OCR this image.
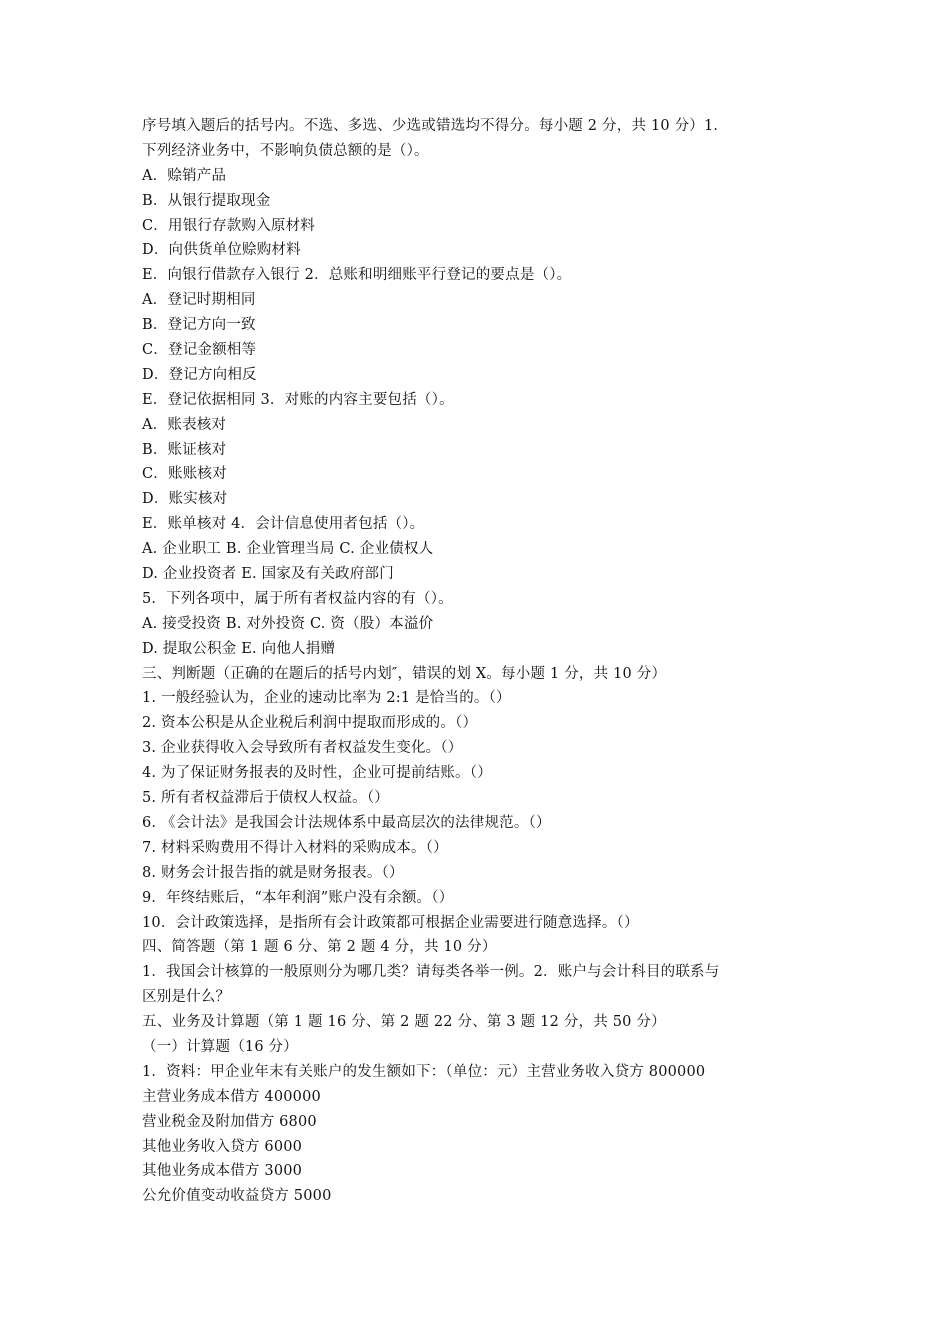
序号填入题后的括号内。不选、多选、少选或错选均不得分。每小题 2 分，共 10 分）1．
下列经济业务中，不影响负债总额的是（）。
A．赊销产品
B．从银行提取现金
C．用银行存款购入原材料
D．向供货单位赊购材料
E．向银行借款存入银行 2．总账和明细账平行登记的要点是（）。
A．登记时期相同
B．登记方向一致
C．登记金额相等
D．登记方向相反
E．登记依据相同 3．对账的内容主要包括（）。
A．账表核对
B．账证核对
C．账账核对
D．账实核对
E．账单核对 4．会计信息使用者包括（）。
A. 企业职工 B. 企业管理当局 C. 企业债权人
D. 企业投资者 E. 国家及有关政府部门
5．下列各项中，属于所有者权益内容的有（）。
A. 接受投资 B. 对外投资 C. 资（股）本溢价
D. 提取公积金 E. 向他人捐赠
三、判断题（正确的在题后的括号内划″，错误的划 X。每小题 1 分，共 10 分）
1. 一般经验认为，企业的速动比率为 2:1 是恰当的。（）
2. 资本公积是从企业税后利润中提取而形成的。（）
3. 企业获得收入会导致所有者权益发生变化。（）
4. 为了保证财务报表的及时性，企业可提前结账。（）
5. 所有者权益滞后于债权人权益。（）
6. 《会计法》是我国会计法规体系中最高层次的法律规范。（）
7. 材料采购费用不得计入材料的采购成本。（）
8. 财务会计报告指的就是财务报表。（）
9．年终结账后，“本年利润”账户没有余额。（）
10．会计政策选择，是指所有会计政策都可根据企业需要进行随意选择。（）
四、简答题（第 1 题 6 分、第 2 题 4 分，共 10 分）
1．我国会计核算的一般原则分为哪几类？请每类各举一例。2．账户与会计科目的联系与
区别是什么？
五、业务及计算题（第 1 题 16 分、第 2 题 22 分、第 3 题 12 分，共 50 分）
（一）计算题（16 分）
1．资料：甲企业年末有关账户的发生额如下：（单位：元）主营业务收入贷方 800000
主营业务成本借方 400000
营业税金及附加借方 6800
其他业务收入贷方 6000
其他业务成本借方 3000
公允价值变动收益贷方 5000
